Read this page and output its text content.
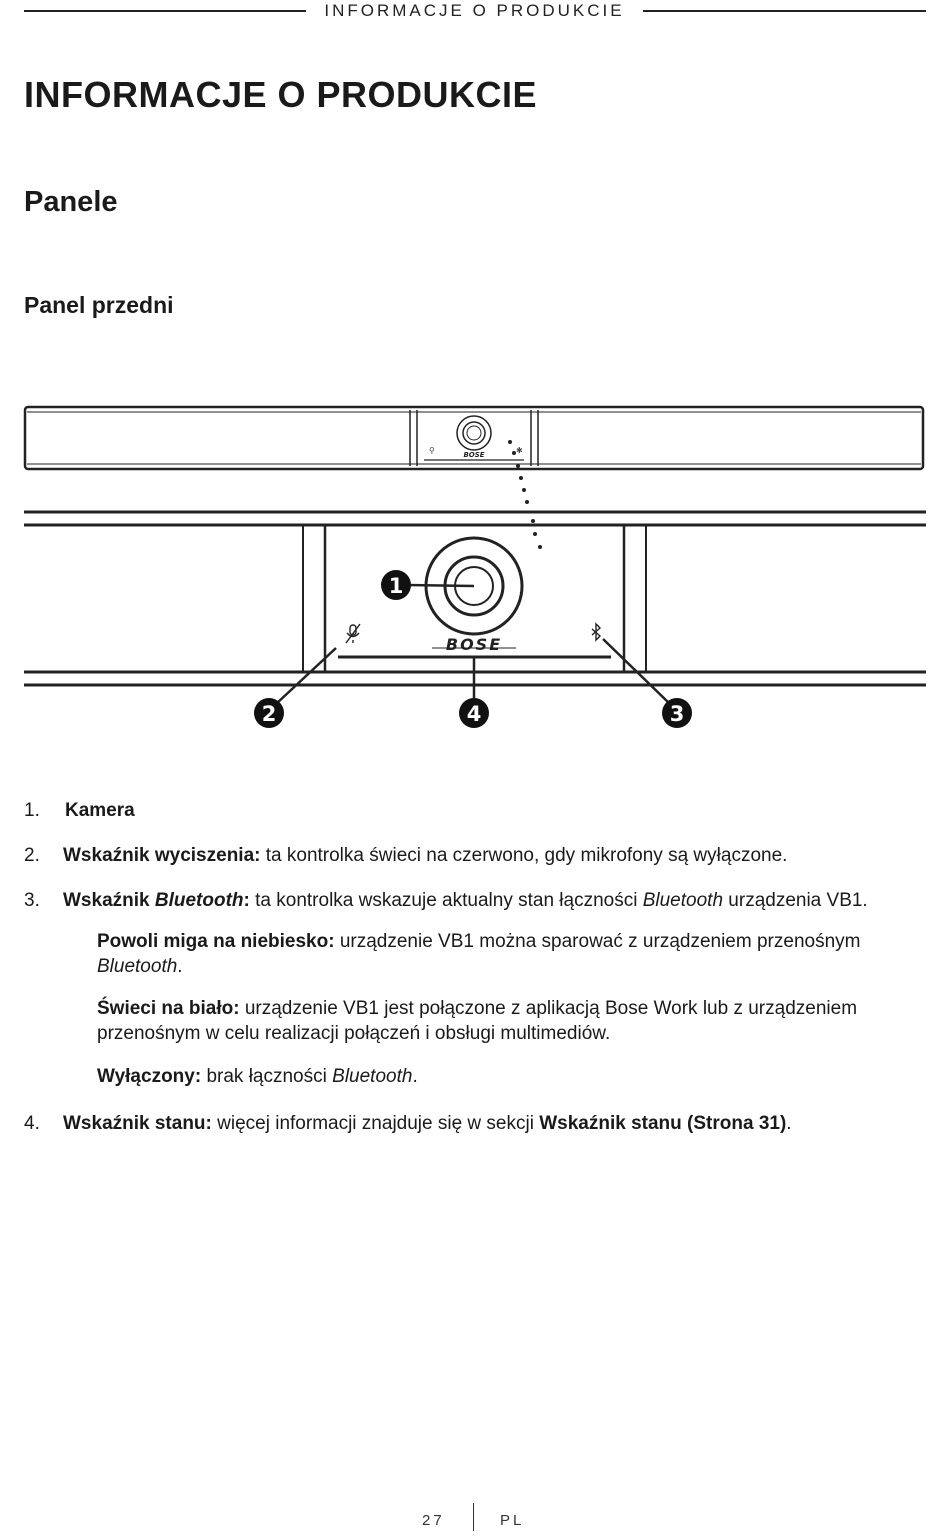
INFORMACJE O PRODUKCIE
INFORMACJE O PRODUKCIE
Panele
Panel przedni
BOSE
⚲	✱
BOSE
1
2	3
4
1. Kamera
2. Wskaźnik wyciszenia: ta kontrolka świeci na czerwono, gdy mikrofony są wyłączone.
3. Wskaźnik Bluetooth: ta kontrolka wskazuje aktualny stan łączności Bluetooth urządzenia VB1.
Powoli miga na niebiesko: urządzenie VB1 można sparować z urządzeniem przenośnym Bluetooth.
Świeci na biało: urządzenie VB1 jest połączone z aplikacją Bose Work lub z urządzeniem przenośnym w celu realizacji połączeń i obsługi multimediów.
Wyłączony: brak łączności Bluetooth.
4. Wskaźnik stanu: więcej informacji znajduje się w sekcji Wskaźnik stanu (Strona 31).
27	PL
